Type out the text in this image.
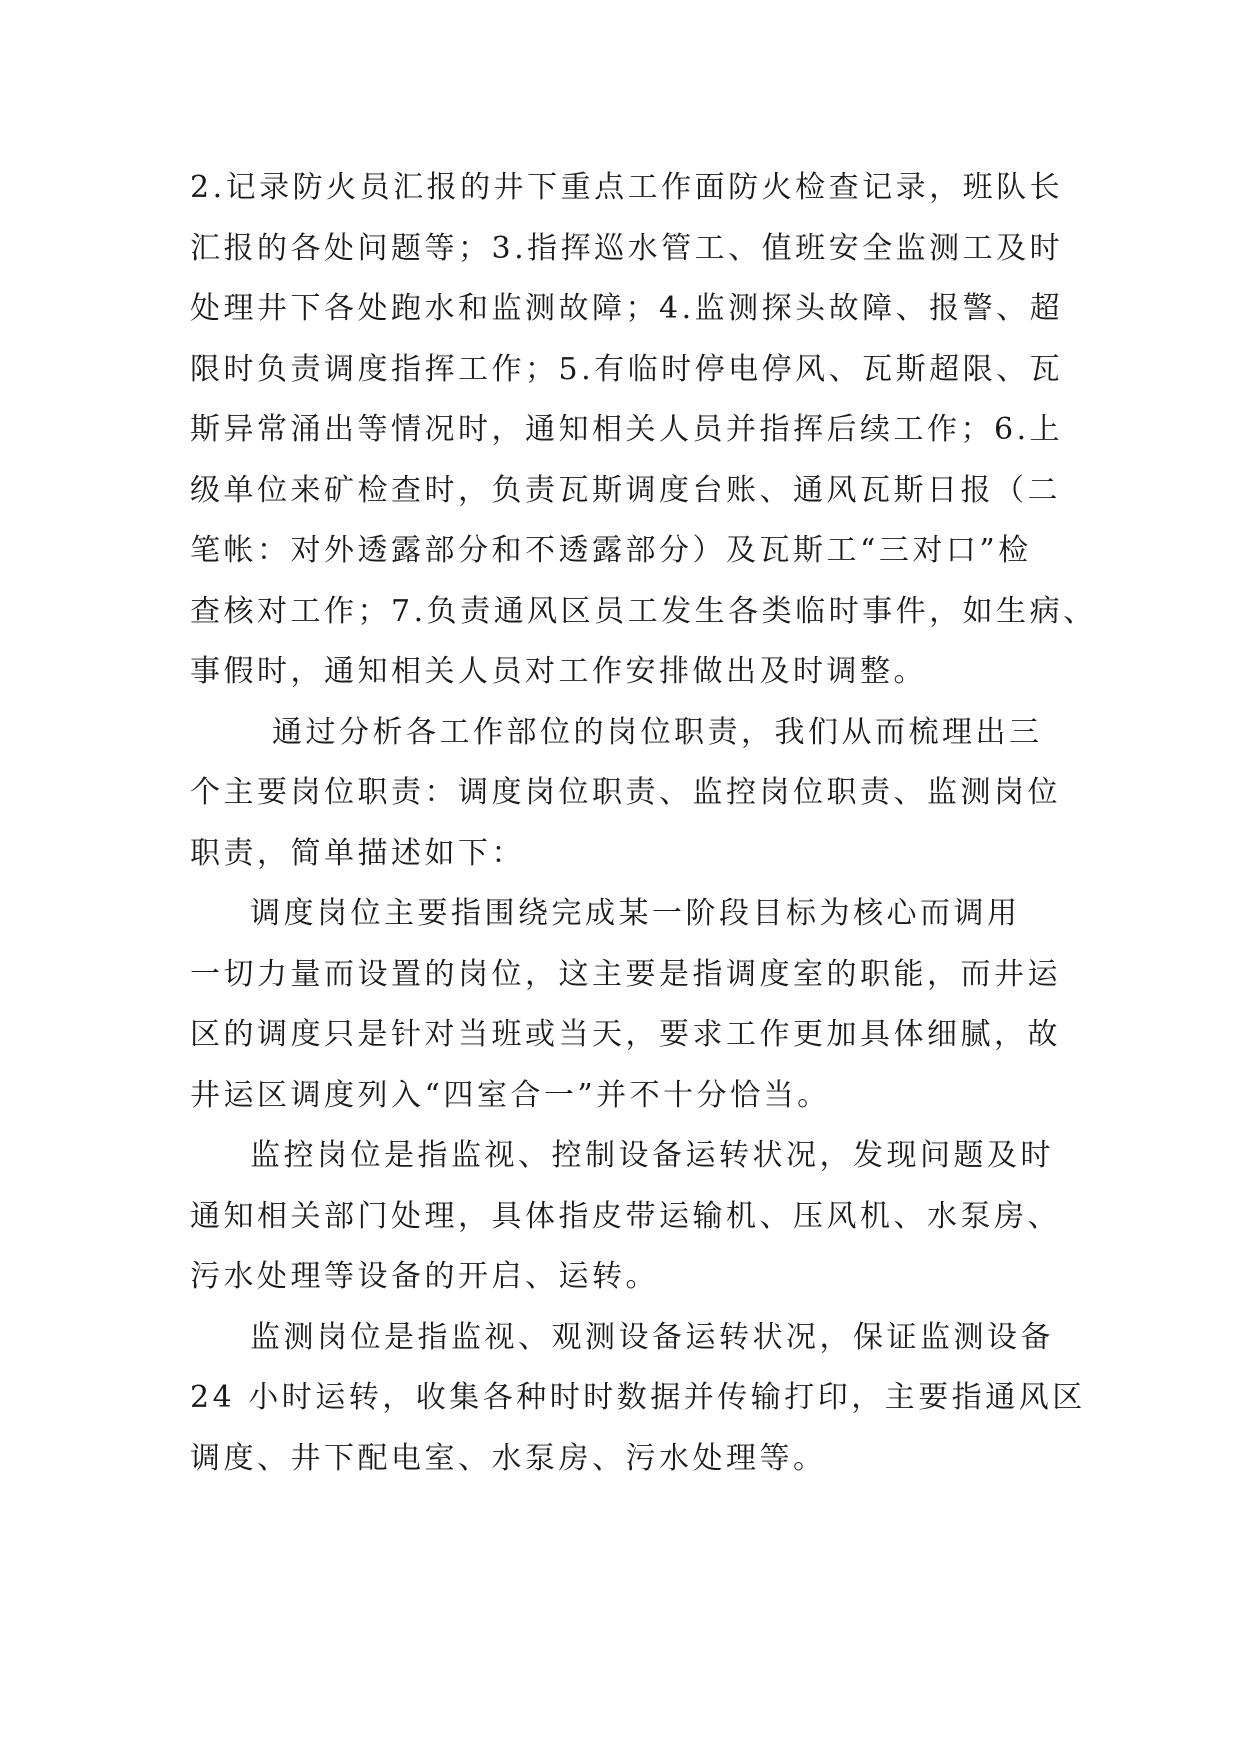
2.记录防火员汇报的井下重点工作面防火检查记录，班队长
汇报的各处问题等；3.指挥巡水管工、值班安全监测工及时
处理井下各处跑水和监测故障；4.监测探头故障、报警、超
限时负责调度指挥工作；5.有临时停电停风、瓦斯超限、瓦
斯异常涌出等情况时，通知相关人员并指挥后续工作；6.上
级单位来矿检查时，负责瓦斯调度台账、通风瓦斯日报（二
笔帐：对外透露部分和不透露部分）及瓦斯工“三对口”检
查核对工作；7.负责通风区员工发生各类临时事件，如生病、
事假时，通知相关人员对工作安排做出及时调整。
通过分析各工作部位的岗位职责，我们从而梳理出三
个主要岗位职责：调度岗位职责、监控岗位职责、监测岗位
职责，简单描述如下：
调度岗位主要指围绕完成某一阶段目标为核心而调用
一切力量而设置的岗位，这主要是指调度室的职能，而井运
区的调度只是针对当班或当天，要求工作更加具体细腻，故
井运区调度列入“四室合一”并不十分恰当。
监控岗位是指监视、控制设备运转状况，发现问题及时
通知相关部门处理，具体指皮带运输机、压风机、水泵房、
污水处理等设备的开启、运转。
监测岗位是指监视、观测设备运转状况，保证监测设备
24 小时运转，收集各种时时数据并传输打印，主要指通风区
调度、井下配电室、水泵房、污水处理等。
